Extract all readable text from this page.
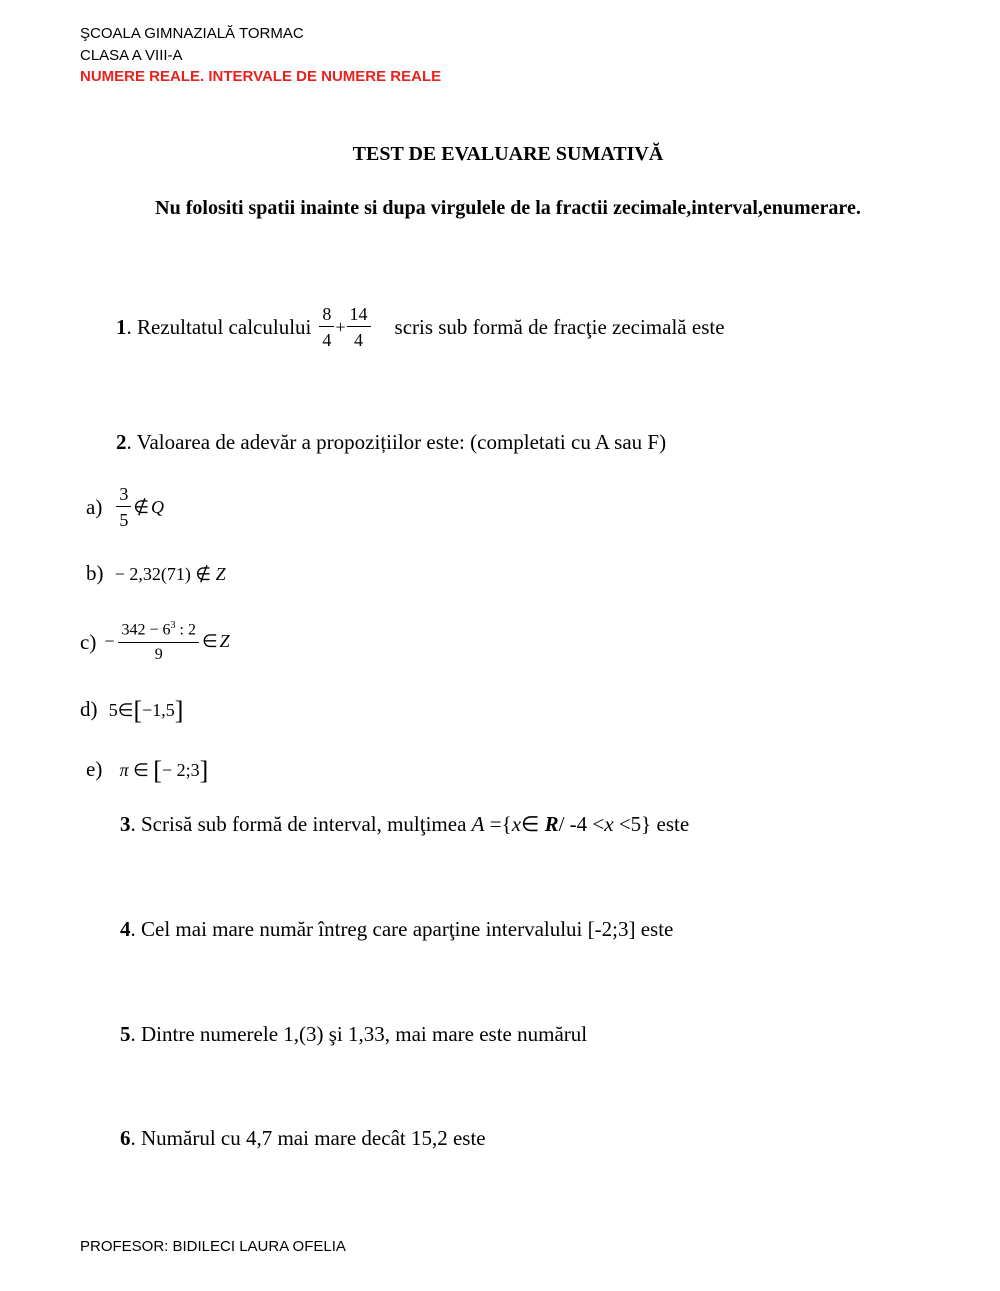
ŞCOALA GIMNAZIALĂ TORMAC
CLASA A VIII-A
NUMERE REALE. INTERVALE DE NUMERE REALE
TEST DE EVALUARE SUMATIVĂ
Nu folositi spatii inainte si dupa virgulele de la fractii zecimale,interval,enumerare.
1 . Rezultatul calculului $\frac{8}{4} + \frac{14}{4}$ scris sub formă de fracţie zecimală este
2. Valoarea de adevăr a propozițiilor este: (completati cu A sau F)
$a) \frac{3}{5}$ ∉ Q
b) − 2,32(71) ∉ Z
$c) - \frac{342 - 6^3 : 2}{9}$ ∈ Z
d) 5∈[−1,5]
e) π ∈ [− 2;3]
3. Scrisă sub formă de interval, mulţimea A ={x∈ R/ -4 <x <5} este
4. Cel mai mare număr întreg care aparţine intervalului [-2;3] este
5. Dintre numerele 1,(3) şi 1,33, mai mare este numărul
6. Numărul cu 4,7 mai mare decât 15,2 este
PROFESOR: BIDILECI LAURA OFELIA
